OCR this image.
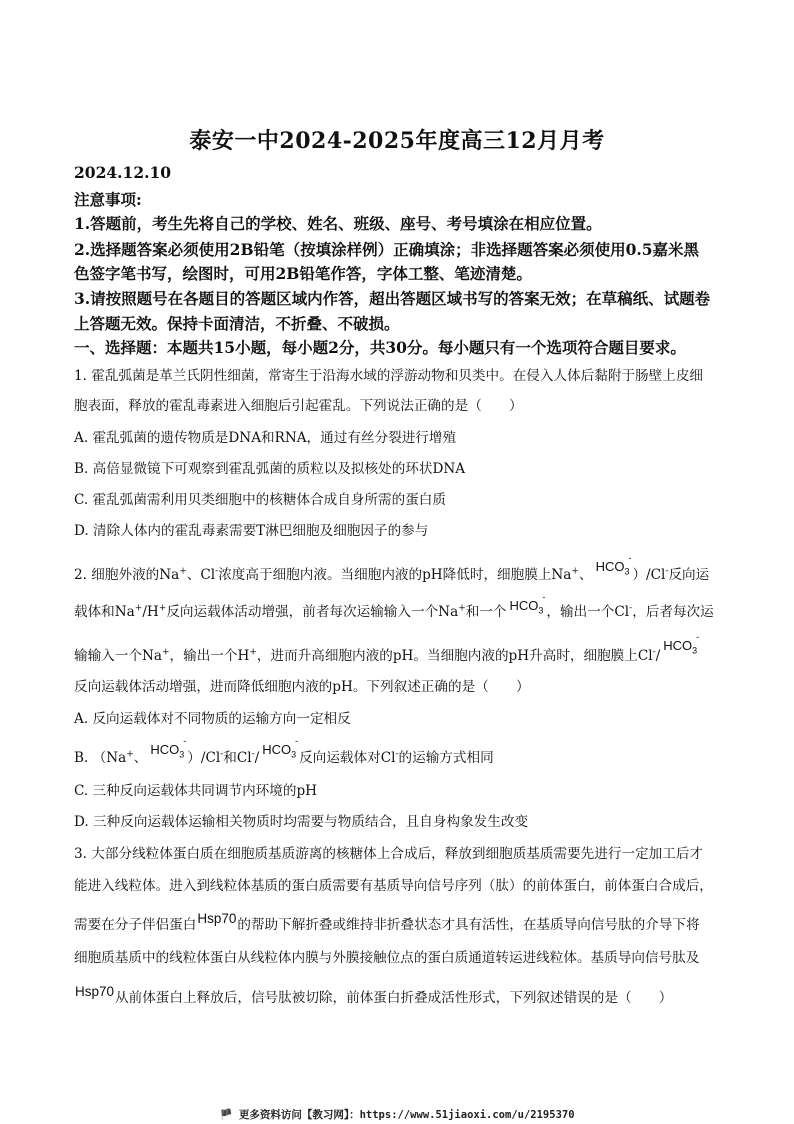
泰安一中2024-2025年度高三12月月考
2024.12.10
注意事项:
1.答题前，考生先将自己的学校、姓名、班级、座号、考号填涂在相应位置。
2.选择题答案必须使用2B铅笔（按填涂样例）正确填涂；非选择题答案必须使用0.5嘉米黑
色签字笔书写，绘图时，可用2B铅笔作答，字体工整、笔迹清楚。
3.请按照题号在各题目的答题区域内作答，超出答题区域书写的答案无效；在草稿纸、试题卷
上答题无效。保持卡面清洁，不折叠、不破损。
一、选择题：本题共15小题，每小题2分，共30分。每小题只有一个选项符合题目要求。
1. 霍乱弧菌是革兰氏阴性细菌，常寄生于沿海水域的浮游动物和贝类中。在侵入人体后黏附于肠壁上皮细
胞表面，释放的霍乱毒素进入细胞后引起霍乱。下列说法正确的是（　　）
A. 霍乱弧菌的遗传物质是DNA和RNA，通过有丝分裂进行增殖
B. 高倍显微镜下可观察到霍乱弧菌的质粒以及拟核处的环状DNA
C. 霍乱弧菌需利用贝类细胞中的核糖体合成自身所需的蛋白质
D. 清除人体内的霍乱毒素需要T淋巴细胞及细胞因子的参与
2. 细胞外液的Na+、Cl-浓度高于细胞内液。当细胞内液的pH降低时，细胞膜上Na+、$HCO_3$
-
）/Cl-反向运
载体和Na+/H+反向运载体活动增强，前者每次运输输入一个Na+和一个 $HCO_3$
-
，输出一个Cl-，后者每次运
输输入一个Na+，输出一个H+，进而升高细胞内液的pH。当细胞内液的pH升高时，细胞膜上$Cl^-/HCO_3$
-
反向运载体活动增强，进而降低细胞内液的pH。下列叙述正确的是（　　）
A. 反向运载体对不同物质的运输方向一定相反
B. （Na+、$HCO_3$
-
）/Cl-和$Cl^-/HCO_3$
-
反向运载体对Cl-的运输方式相同
C. 三种反向运载体共同调节内环境的pH
D. 三种反向运载体运输相关物质时均需要与物质结合，且自身构象发生改变
3. 大部分线粒体蛋白质在细胞质基质游离的核糖体上合成后，释放到细胞质基质需要先进行一定加工后才
能进入线粒体。进入到线粒体基质的蛋白质需要有基质导向信号序列（肽）的前体蛋白，前体蛋白合成后，
需要在分子伴侣蛋白Hsp70的帮助下解折叠或维持非折叠状态才具有活性，在基质导向信号肽的介导下将
细胞质基质中的线粒体蛋白从线粒体内膜与外膜接触位点的蛋白质通道转运进线粒体。基质导向信号肽及
Hsp70从前体蛋白上释放后，信号肽被切除，前体蛋白折叠成活性形式，下列叙述错误的是（　　）
🏴 更多资料访问【教习网】：https://www.51jiaoxi.com/u/2195370
